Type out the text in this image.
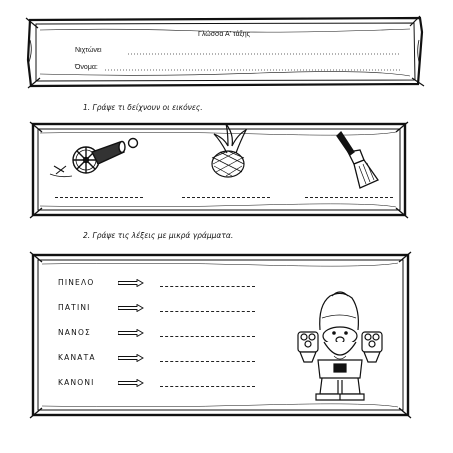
Γλώσσα Α' τάξης
Νιχτώνει
Όνομα:
1. Γράψε τι δείχνουν οι εικόνες.
2. Γράψε τις λέξεις με μικρά γράμματα.
ΠΙΝΕΛΟ
ΠΑΤΙΝΙ
ΝΑΝΟΣ
ΚΑΝΑΤΑ
ΚΑΝΟΝΙ
